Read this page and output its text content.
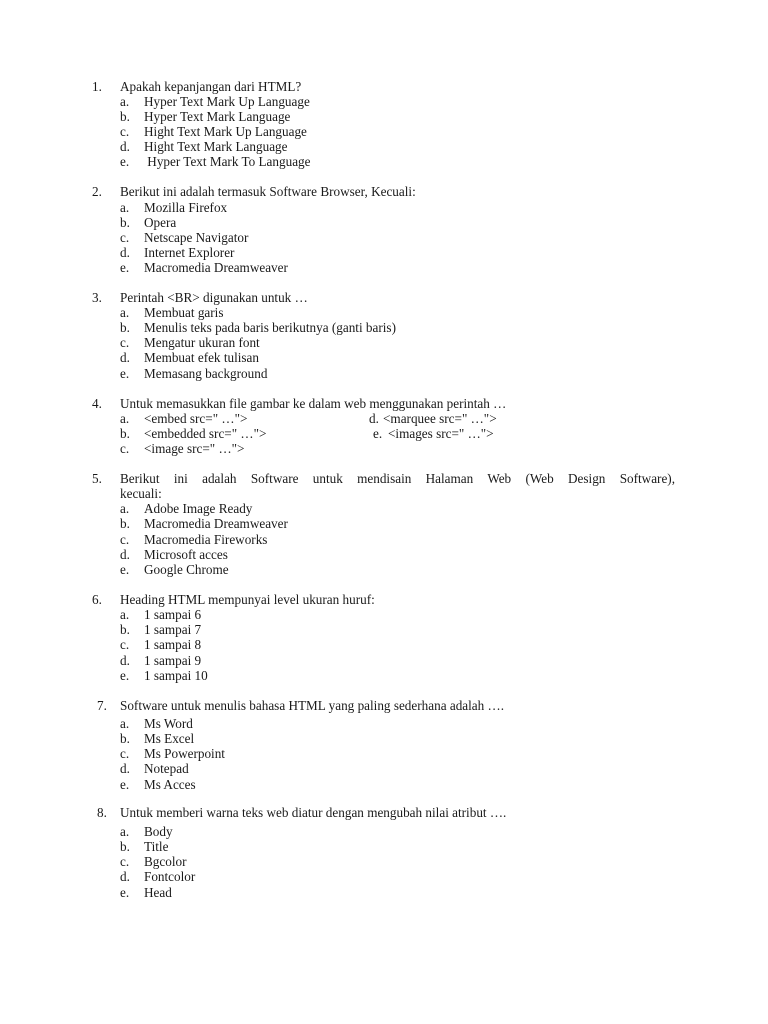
1. Apakah kepanjangan dari HTML?
a. Hyper Text Mark Up Language
b. Hyper Text Mark Language
c. Hight Text Mark Up Language
d. Hight Text Mark Language
e. Hyper Text Mark To Language
2. Berikut ini adalah termasuk Software Browser, Kecuali:
a. Mozilla Firefox
b. Opera
c. Netscape Navigator
d. Internet Explorer
e. Macromedia Dreamweaver
3. Perintah <BR> digunakan untuk …
a. Membuat garis
b. Menulis teks pada baris berikutnya (ganti baris)
c. Mengatur ukuran font
d. Membuat efek tulisan
e. Memasang background
4. Untuk memasukkan file gambar ke dalam web menggunakan perintah …
a. <embed src=" …">	d. <marquee src=" …">
b. <embedded src=" …">	e. <images src=" …">
c. <image src=" …">
5. Berikut ini adalah Software untuk mendisain Halaman Web (Web Design Software),
kecuali:
a. Adobe Image Ready
b. Macromedia Dreamweaver
c. Macromedia Fireworks
d. Microsoft acces
e. Google Chrome
6. Heading HTML mempunyai level ukuran huruf:
a. 1 sampai 6
b. 1 sampai 7
c. 1 sampai 8
d. 1 sampai 9
e. 1 sampai 10
7. Software untuk menulis bahasa HTML yang paling sederhana adalah ….
a. Ms Word
b. Ms Excel
c. Ms Powerpoint
d. Notepad
e. Ms Acces
8. Untuk memberi warna teks web diatur dengan mengubah nilai atribut ….
a. Body
b. Title
c. Bgcolor
d. Fontcolor
e. Head
